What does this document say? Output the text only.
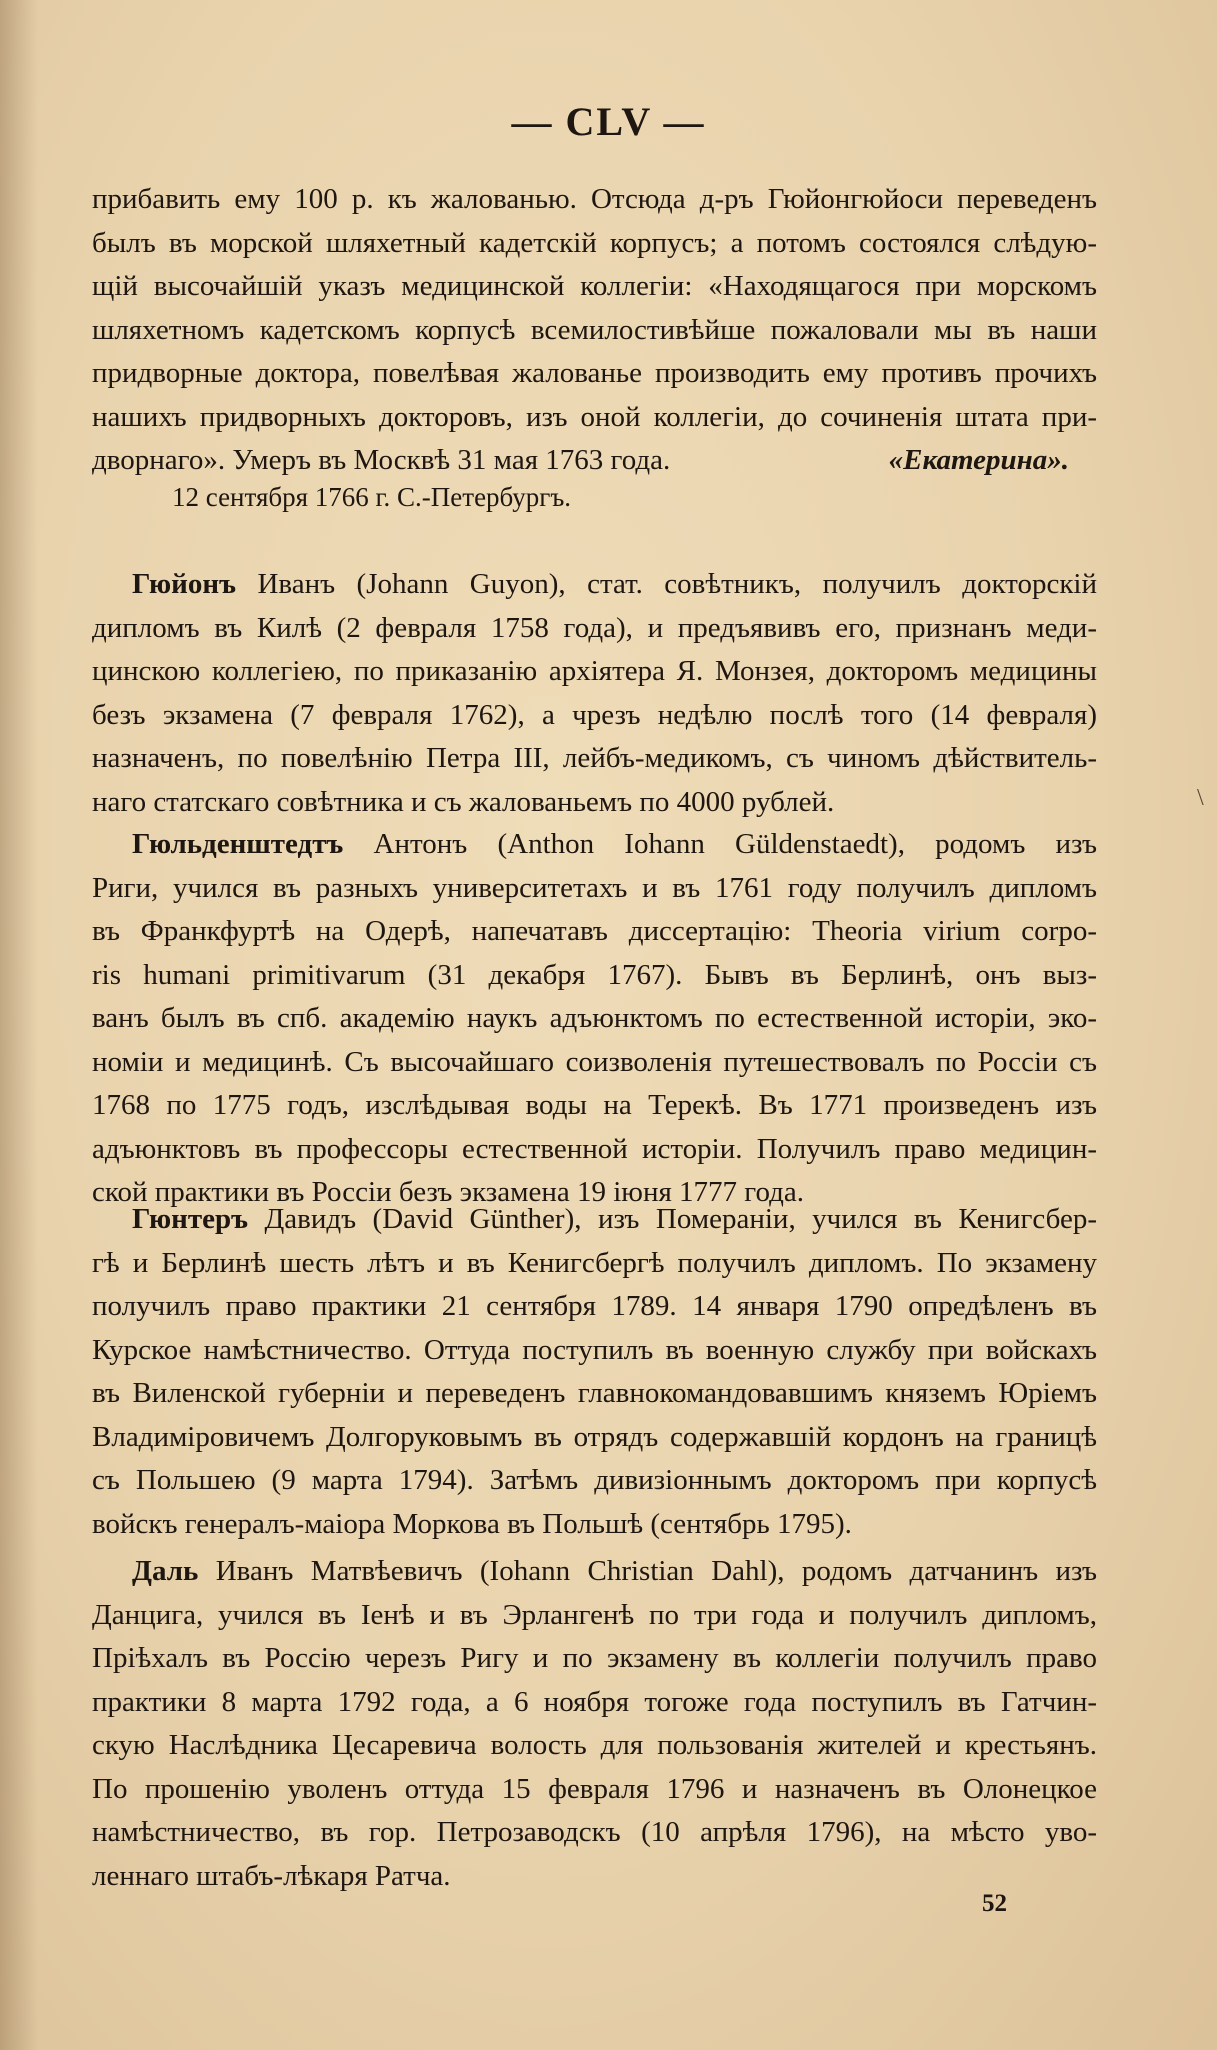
— CLV —
прибавить ему 100 р. къ жалованью. Отсюда д-ръ Гюйонгюйоси переведенъ
былъ въ морской шляхетный кадетскій корпусъ; а потомъ состоялся слѣдую-
щій высочайшій указъ медицинской коллегіи: «Находящагося при морскомъ
шляхетномъ кадетскомъ корпусѣ всемилостивѣйше пожаловали мы въ наши
придворные доктора, повелѣвая жалованье производить ему противъ прочихъ
нашихъ придворныхъ докторовъ, изъ оной коллегіи, до сочиненія штата при-
дворнаго». Умеръ въ Москвѣ 31 мая 1763 года.	«Екатерина».
12 сентября 1766 г. С.-Петербургъ.
Гюйонъ Иванъ (Johann Guyon), стат. совѣтникъ, получилъ докторскій
дипломъ въ Килѣ (2 февраля 1758 года), и предъявивъ его, признанъ меди-
цинскою коллегіею, по приказанію архіятера Я. Монзея, докторомъ медицины
безъ экзамена (7 февраля 1762), а чрезъ недѣлю послѣ того (14 февраля)
назначенъ, по повелѣнію Петра III, лейбъ-медикомъ, съ чиномъ дѣйствитель-
наго статскаго совѣтника и съ жалованьемъ по 4000 рублей.
Гюльденштедтъ Антонъ (Anthon Iohann Güldenstaedt), родомъ изъ
Риги, учился въ разныхъ университетахъ и въ 1761 году получилъ дипломъ
въ Франкфуртѣ на Одерѣ, напечатавъ диссертацію: Theoria virium corpo-
ris humani primitivarum (31 декабря 1767). Бывъ въ Берлинѣ, онъ выз-
ванъ былъ въ спб. академію наукъ адъюнктомъ по естественной исторіи, эко-
номіи и медицинѣ. Съ высочайшаго соизволенія путешествовалъ по Россіи съ
1768 по 1775 годъ, изслѣдывая воды на Терекѣ. Въ 1771 произведенъ изъ
адъюнктовъ въ профессоры естественной исторіи. Получилъ право медицин-
ской практики въ Россіи безъ экзамена 19 іюня 1777 года.
Гюнтеръ Давидъ (David Günther), изъ Помераніи, учился въ Кенигсбер-
гѣ и Берлинѣ шесть лѣтъ и въ Кенигсбергѣ получилъ дипломъ. По экзамену
получилъ право практики 21 сентября 1789. 14 января 1790 опредѣленъ въ
Курское намѣстничество. Оттуда поступилъ въ военную службу при войскахъ
въ Виленской губерніи и переведенъ главнокомандовавшимъ княземъ Юріемъ
Владиміровичемъ Долгоруковымъ въ отрядъ содержавшій кордонъ на границѣ
съ Польшею (9 марта 1794). Затѣмъ дивизіоннымъ докторомъ при корпусѣ
войскъ генералъ-маіора Моркова въ Польшѣ (сентябрь 1795).
Даль Иванъ Матвѣевичъ (Iohann Christian Dahl), родомъ датчанинъ изъ
Данцига, учился въ Іенѣ и въ Эрлангенѣ по три года и получилъ дипломъ,
Пріѣхалъ въ Россію черезъ Ригу и по экзамену въ коллегіи получилъ право
практики 8 марта 1792 года, а 6 ноября тогоже года поступилъ въ Гатчин-
скую Наслѣдника Цесаревича волость для пользованія жителей и крестьянъ.
По прошенію уволенъ оттуда 15 февраля 1796 и назначенъ въ Олонецкое
намѣстничество, въ гор. Петрозаводскъ (10 апрѣля 1796), на мѣсто уво-
леннаго штабъ-лѣкаря Ратча.
52
\
